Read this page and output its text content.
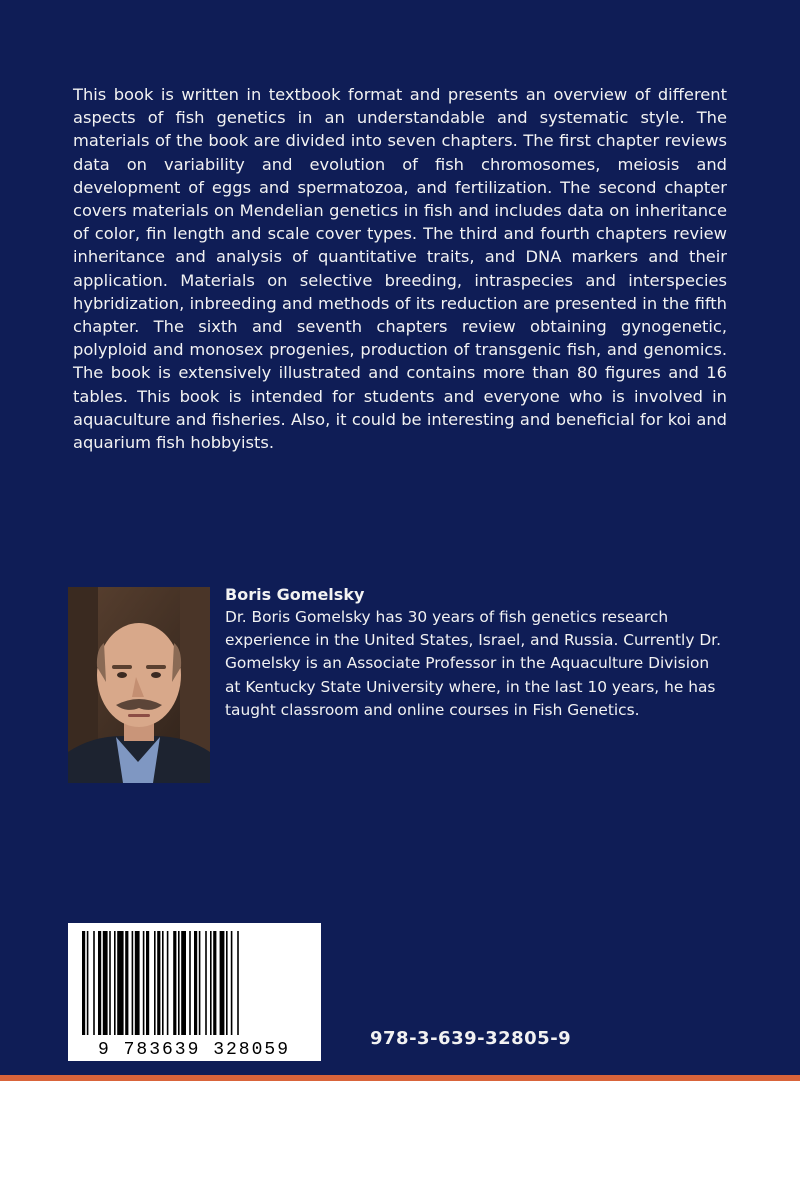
This book is written in textbook format and presents an overview of different aspects of fish genetics in an understandable and systematic style. The materials of the book are divided into seven chapters. The first chapter reviews data on variability and evolution of fish chromosomes, meiosis and development of eggs and spermatozoa, and fertilization. The second chapter covers materials on Mendelian genetics in fish and includes data on inheritance of color, fin length and scale cover types. The third and fourth chapters review inheritance and analysis of quantitative traits, and DNA markers and their application. Materials on selective breeding, intraspecies and interspecies hybridization, inbreeding and methods of its reduction are presented in the fifth chapter. The sixth and seventh chapters review obtaining gynogenetic, polyploid and monosex progenies, production of transgenic fish, and genomics. The book is extensively illustrated and contains more than 80 figures and 16 tables. This book is intended for students and everyone who is involved in aquaculture and fisheries. Also, it could be interesting and beneficial for koi and aquarium fish hobbyists.

Boris Gomelsky

Dr. Boris Gomelsky has 30 years of fish genetics research experience in the United States, Israel, and Russia. Currently Dr. Gomelsky is an Associate Professor in the Aquaculture Division at Kentucky State University where, in the last 10 years, he has taught classroom and online courses in Fish Genetics.

9 783639 328059
978-3-639-32805-9
